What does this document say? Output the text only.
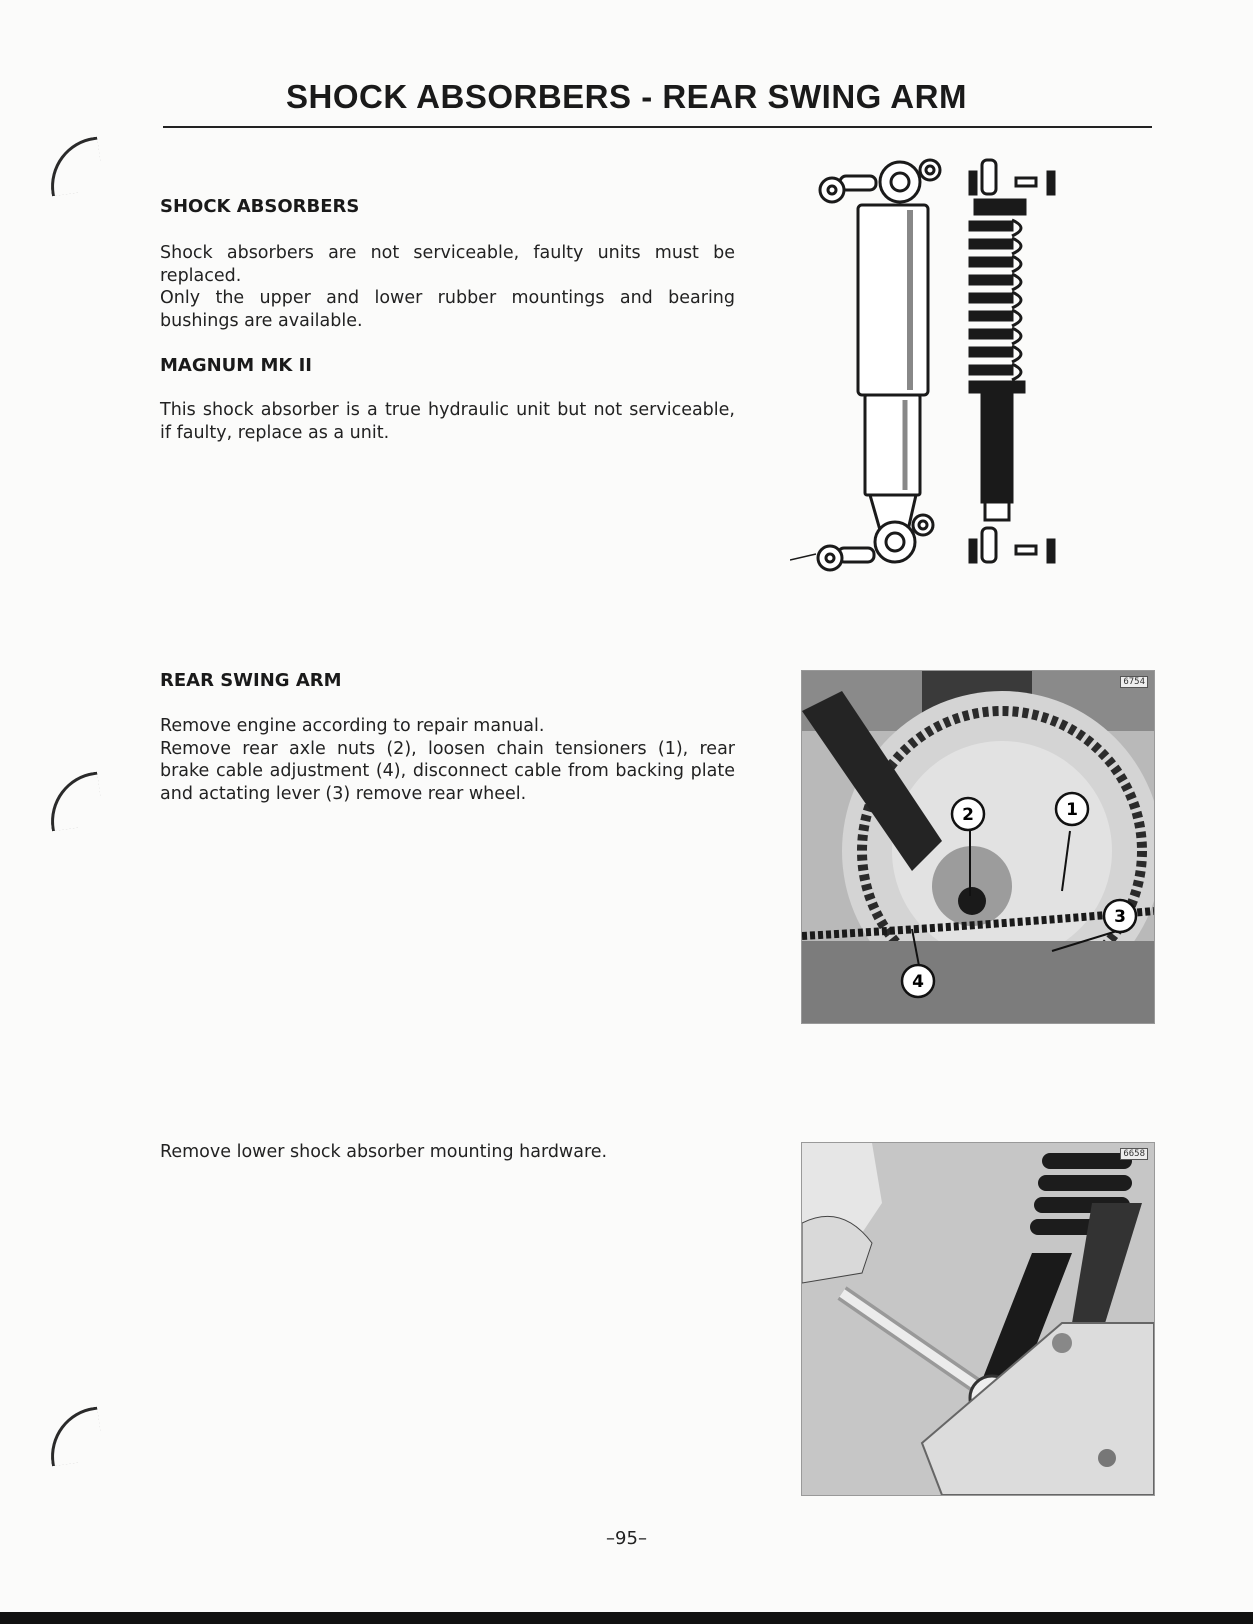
SHOCK ABSORBERS - REAR SWING ARM
SHOCK ABSORBERS
Shock absorbers are not serviceable, faulty units must be replaced.
Only the upper and lower rubber mountings and bearing bushings are available.
MAGNUM MK II
This shock absorber is a true hydraulic unit but not serviceable, if faulty, replace as a unit.
REAR SWING ARM
Remove engine according to repair manual.
Remove rear axle nuts (2), loosen chain tensioners (1), rear brake cable adjustment (4), disconnect cable from backing plate and actating lever (3) remove rear wheel.
2	1
3
4
6754
Remove lower shock absorber mounting hardware.	6658
–95–
